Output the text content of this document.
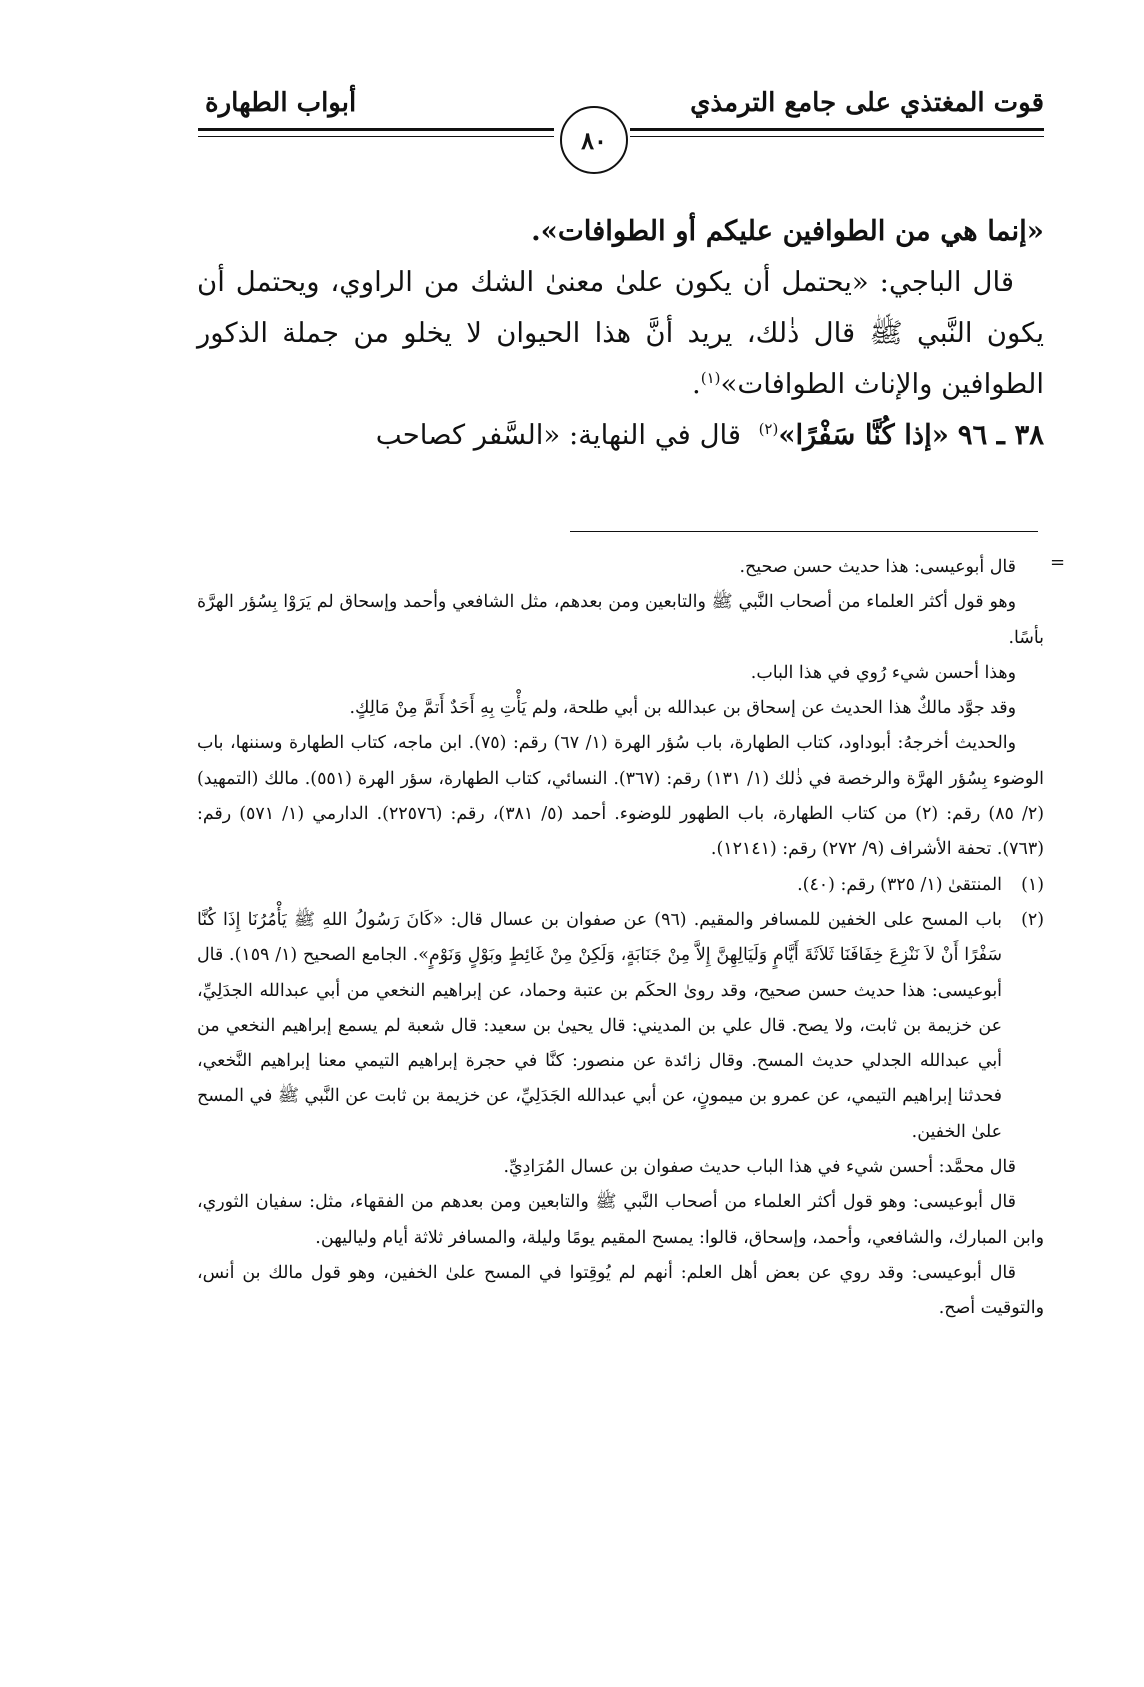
قوت المغتذي على جامع الترمذي
أبواب الطهارة
٨٠

«إنما هي من الطوافين عليكم أو الطوافات».

قال الباجي: «يحتمل أن يكون علىٰ معنىٰ الشك من الراوي، ويحتمل أن يكون النَّبي ﷺ قال ذٰلك، يريد أنَّ هذا الحيوان لا يخلو من جملة الذكور الطوافين والإناث الطوافات»$^{(١)}$.

٣٨ ـ ٩٦ «إذا كُنَّا سَفْرًا»$^{(٢)}$  قال في النهاية: «السَّفر كصاحب

=

قال أبوعيسى: هذا حديث حسن صحيح.

وهو قول أكثر العلماء من أصحاب النَّبي ﷺ والتابعين ومن بعدهم، مثل الشافعي وأحمد وإسحاق لم يَرَوْا بِسُؤر الهرَّة بأسًا.

وهذا أحسن شيء رُوي في هذا الباب.

وقد جوَّد مالكٌ هذا الحديث عن إسحاق بن عبدالله بن أبي طلحة، ولم يَأْتِ بِهِ أَحَدٌ أَتمَّ مِنْ مَالِكٍ.

والحديث أخرجهُ: أبوداود، كتاب الطهارة، باب سُؤر الهرة (١/ ٦٧) رقم: (٧٥). ابن ماجه، كتاب الطهارة وسننها، باب الوضوء بِسُؤر الهرَّة والرخصة في ذٰلك (١/ ١٣١) رقم: (٣٦٧). النسائي، كتاب الطهارة، سؤر الهرة (٥٥١). مالك (التمهيد) (٢/ ٨٥) رقم: (٢) من كتاب الطهارة، باب الطهور للوضوء. أحمد (٥/ ٣٨١)، رقم: (٢٢٥٧٦). الدارمي (١/ ٥٧١) رقم: (٧٦٣). تحفة الأشراف (٩/ ٢٧٢) رقم: (١٢١٤١).

(١)
المنتقىٰ (١/ ٣٢٥) رقم: (٤٠).

(٢)
باب المسح على الخفين للمسافر والمقيم. (٩٦) عن صفوان بن عسال قال: «كَانَ رَسُولُ اللهِ ﷺ يَأْمُرُنَا إِذَا كُنَّا سَفْرًا أَنْ لاَ نَنْزِعَ خِفَافَنَا ثَلاَثَةَ أَيَّامٍ وَلَيَالِهِنَّ إِلاَّ مِنْ جَنَابَةٍ، وَلَكِنْ مِنْ غَائِطٍ وبَوْلٍ وَنَوْمٍ». الجامع الصحيح (١/ ١٥٩). قال أبوعيسى: هذا حديث حسن صحيح، وقد روىٰ الحكَم بن عتبة وحماد، عن إبراهيم النخعي من أبي عبدالله الجدَلِيِّ، عن خزيمة بن ثابت، ولا يصح. قال علي بن المديني: قال يحيىٰ بن سعيد: قال شعبة لم يسمع إبراهيم النخعي من أبي عبدالله الجدلي حديث المسح. وقال زائدة عن منصور: كنَّا في حجرة إبراهيم التيمي معنا إبراهيم النَّخعي، فحدثنا إبراهيم التيمي، عن عمرو بن ميمونٍ، عن أبي عبدالله الجَدَلِيِّ، عن خزيمة بن ثابت عن النَّبي ﷺ في المسح علىٰ الخفين.

قال محمَّد: أحسن شيء في هذا الباب حديث صفوان بن عسال المُرَادِيِّ.

قال أبوعيسى: وهو قول أكثر العلماء من أصحاب النَّبي ﷺ والتابعين ومن بعدهم من الفقهاء، مثل: سفيان الثوري، وابن المبارك، والشافعي، وأحمد، وإسحاق، قالوا: يمسح المقيم يومًا وليلة، والمسافر ثلاثة أيام ولياليهن.

قال أبوعيسى: وقد روي عن بعض أهل العلم: أنهم لم يُوقِتوا في المسح علىٰ الخفين، وهو قول مالك بن أنس، والتوقيت أصح.
